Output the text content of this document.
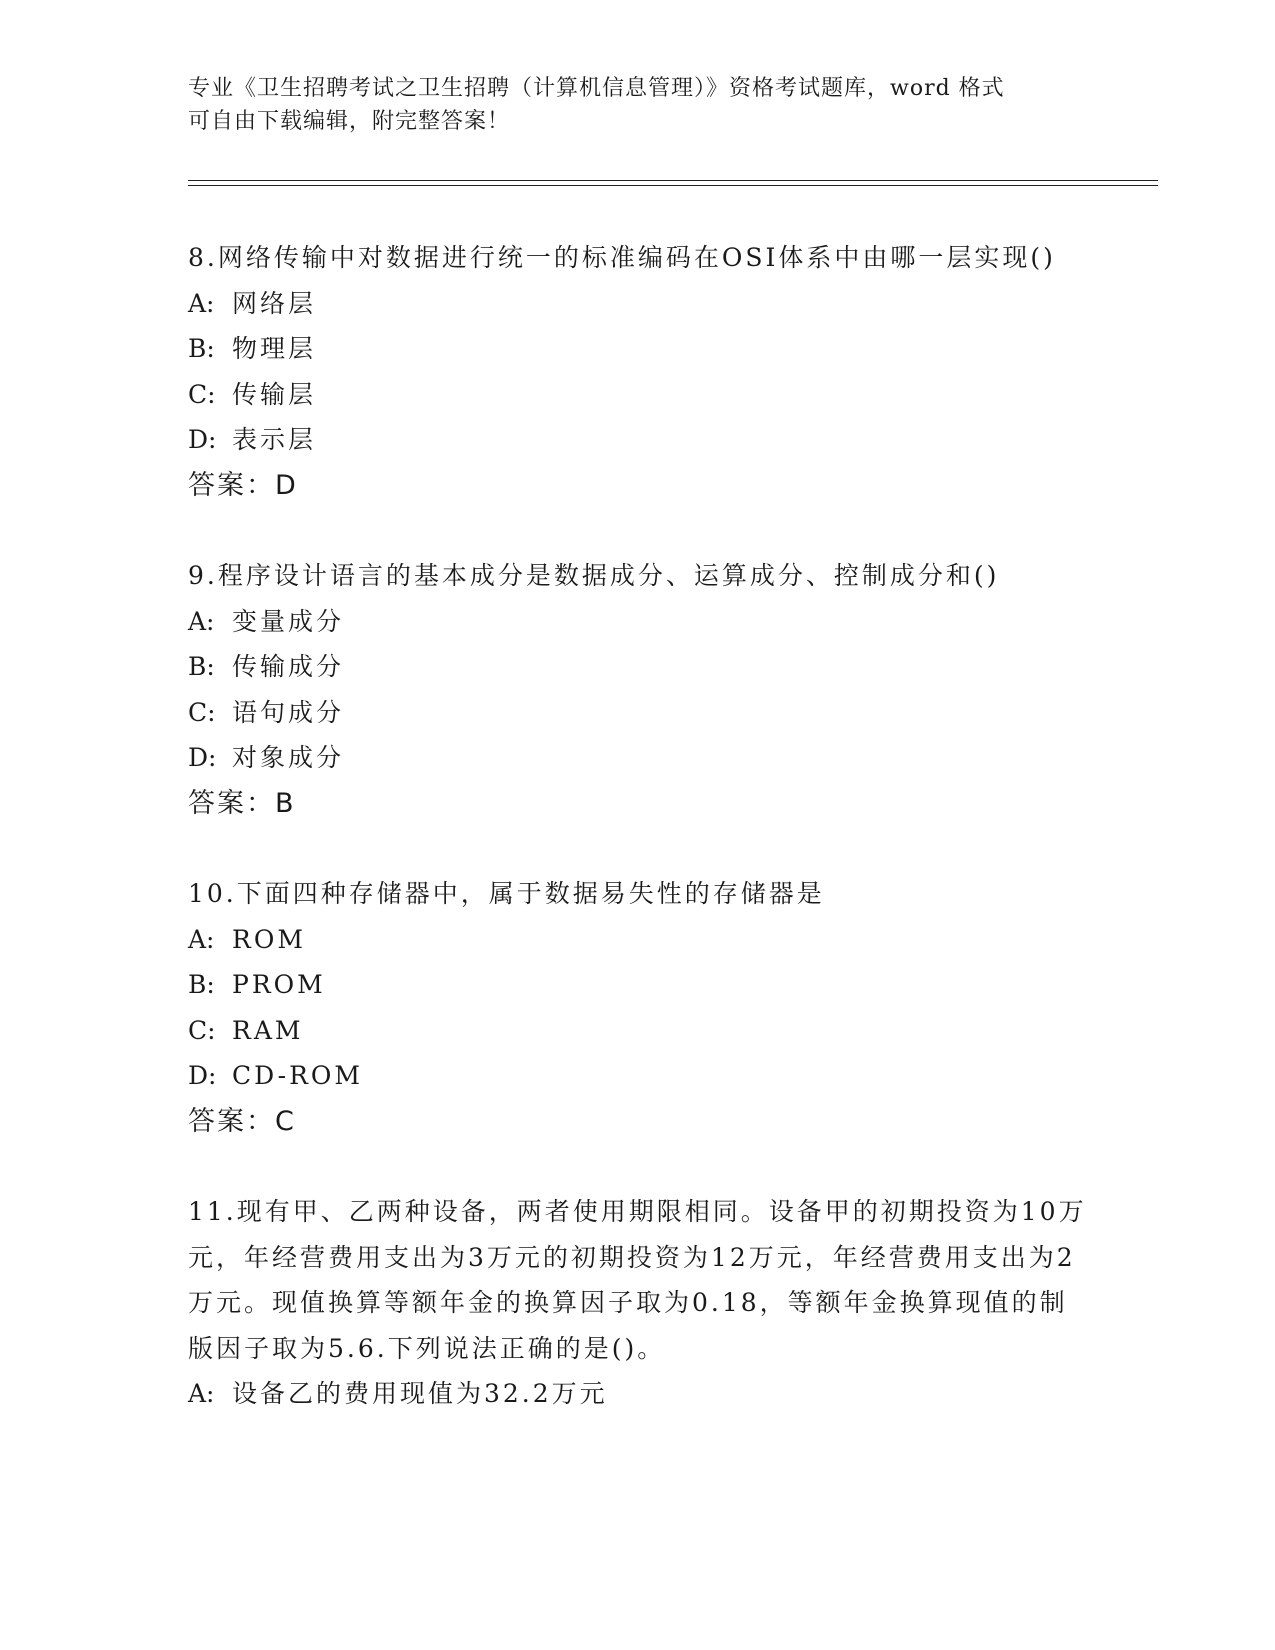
专业《卫生招聘考试之卫生招聘（计算机信息管理）》资格考试题库，word 格式
可自由下载编辑，附完整答案！

8.网络传输中对数据进行统一的标准编码在OSI体系中由哪一层实现()

A: 网络层

B: 物理层

C: 传输层

D: 表示层

答案：D

9.程序设计语言的基本成分是数据成分、运算成分、控制成分和()

A: 变量成分

B: 传输成分

C: 语句成分

D: 对象成分

答案：B

10.下面四种存储器中，属于数据易失性的存储器是

A: ROM

B: PROM

C: RAM

D: CD-ROM

答案：C

11.现有甲、乙两种设备，两者使用期限相同。设备甲的初期投资为10万元，年经营费用支出为3万元的初期投资为12万元，年经营费用支出为2万元。现值换算等额年金的换算因子取为0.18，等额年金换算现值的制版因子取为5.6.下列说法正确的是()。

A: 设备乙的费用现值为32.2万元
